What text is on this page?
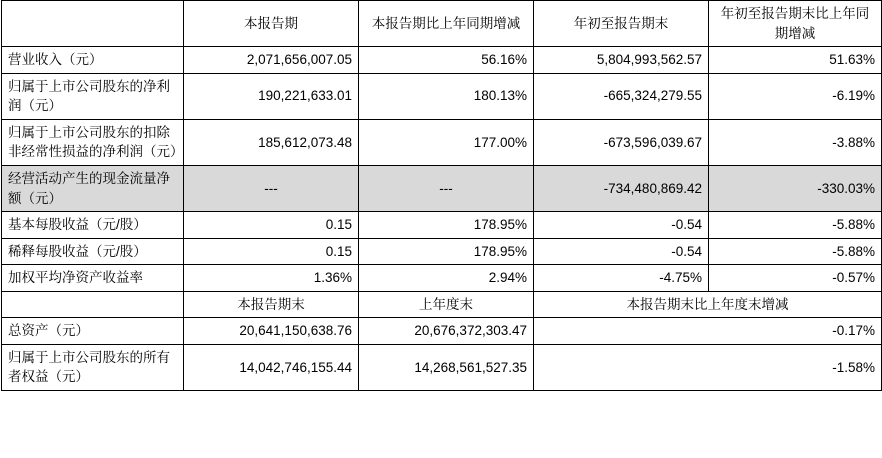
	本报告期	本报告期比上年同期增减	年初至报告期末	年初至报告期末比上年同期增减
营业收入（元）	2,071,656,007.05	56.16%	5,804,993,562.57	51.63%
归属于上市公司股东的净利润（元）	190,221,633.01	180.13%	-665,324,279.55	-6.19%
归属于上市公司股东的扣除非经常性损益的净利润（元）	185,612,073.48	177.00%	-673,596,039.67	-3.88%
经营活动产生的现金流量净额（元）	---	---	-734,480,869.42	-330.03%
基本每股收益（元/股）	0.15	178.95%	-0.54	-5.88%
稀释每股收益（元/股）	0.15	178.95%	-0.54	-5.88%
加权平均净资产收益率	1.36%	2.94%	-4.75%	-0.57%
	本报告期末	上年度末	本报告期末比上年度末增减	
总资产（元）	20,641,150,638.76	20,676,372,303.47	-0.17%	
归属于上市公司股东的所有者权益（元）	14,042,746,155.44	14,268,561,527.35	-1.58%	
